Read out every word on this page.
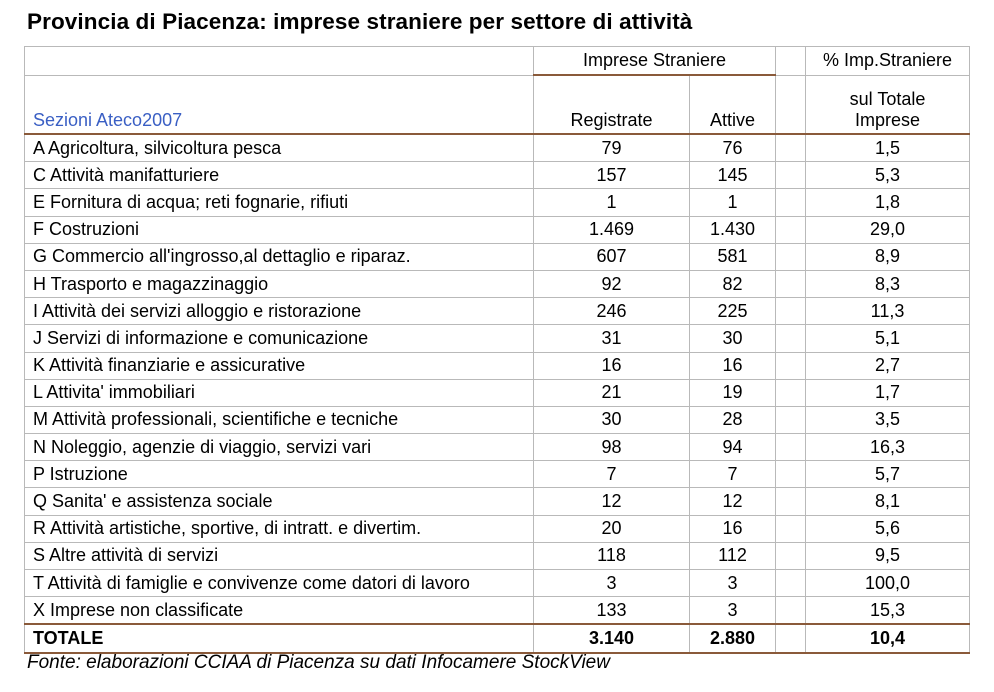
Provincia di Piacenza: imprese straniere per settore di attività
	Imprese Straniere			% Imp.Straniere
Sezioni Ateco2007	Registrate	Attive		sul Totale
Imprese

A Agricoltura, silvicoltura pesca	79	76		1,5
C Attività manifatturiere	157	145		5,3
E Fornitura di acqua; reti fognarie, rifiuti	1	1		1,8
F Costruzioni	1.469	1.430		29,0
G Commercio all'ingrosso,al dettaglio e riparaz.	607	581		8,9
H Trasporto e magazzinaggio	92	82		8,3
I Attività dei servizi alloggio e ristorazione	246	225		11,3
J Servizi di informazione e comunicazione	31	30		5,1
K Attività finanziarie e assicurative	16	16		2,7
L Attivita' immobiliari	21	19		1,7
M Attività professionali, scientifiche e tecniche	30	28		3,5
N Noleggio, agenzie di viaggio, servizi vari	98	94		16,3
P Istruzione	7	7		5,7
Q Sanita' e assistenza sociale	12	12		8,1
R Attività artistiche, sportive, di intratt. e divertim.	20	16		5,6
S Altre attività di servizi	118	112		9,5
T Attività di famiglie e convivenze come datori di lavoro	3	3		100,0
X Imprese non classificate	133	3		15,3
TOTALE	3.140	2.880		10,4
Fonte: elaborazioni CCIAA di Piacenza su dati Infocamere StockView
